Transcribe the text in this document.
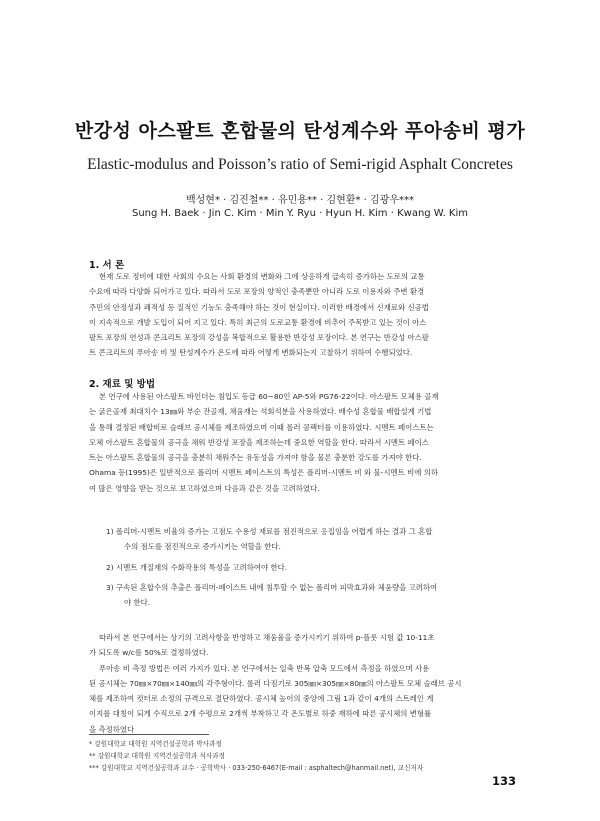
반강성 아스팔트 혼합물의 탄성계수와 푸아송비 평가
Elastic-modulus and Poisson’s ratio of Semi-rigid Asphalt Concretes
백성현* · 김진철** · 유민용** · 김현환* · 김광우***
Sung H. Baek · Jin C. Kim · Min Y. Ryu · Hyun H. Kim · Kwang W. Kim
1. 서 론
현재 도로 정비에 대한 사회의 수요는 사회 환경의 변화와 그에 상응하게 급속히 증가하는 도로의 교통
수요에 따라 다양화 되어가고 있다. 따라서 도로 포장의 양적인 충족뿐만 아니라 도로 이용자와 주변 환경
주민의 안정성과 쾌적성 등 질적인 기능도 충족해야 하는 것이 현실이다. 이러한 배경에서 신재료와 신공법
이 지속적으로 개발 도입이 되어 지고 있다. 특히 최근의 도로교통 환경에 비추어 주목받고 있는 것이 아스
팔트 포장의 연성과 콘크리트 포장의 강성을 복합적으로 활용한 반강성 포장이다. 본 연구는 반강성 아스팔
트 콘크리트의 푸아송 비 및 탄성계수가 온도에 따라 어떻게 변화되는지 고찰하기 위하여 수행되었다.
2. 재료 및 방법
본 연구에 사용된 아스팔트 바인더는 침입도 등급 60~80인 AP-5와 PG76-22이다. 아스팔트 모체용 골재
는 굵은골재 최대치수 13㎜와 부순 잔골재, 채움재는 석회석분을 사용하였다. 배수성 혼합물 배합설계 기법
을 통해 결정된 배합비로 슬래브 공시체를 제조하였으며 이때 롤러 콤팩터를 이용하였다. 시멘트 페이스트는
모체 아스팔트 혼합물의 공극을 채워 반강성 포장을 제조하는데 중요한 역할을 한다. 따라서 시멘트 페이스
트는 아스팔트 혼합물의 공극을 충분히 채워주는 유동성을 가져야 함을 물론 충분한 강도를 가져야 한다.
Ohama 등(1995)은 일반적으로 폴리머 시멘트 페이스트의 특성은 폴리머-시멘트 비 와 물-시멘트 비에 의하
여 많은 영향을 받는 것으로 보고하였으며 다음과 같은 것을 고려하였다.
1) 폴리머-시멘트 비율의 증가는 고점도 수용성 재료를 점진적으로 응집임을 어렵게 하는 결과 그 혼합
수의 점도를 점진적으로 증가시키는 역할을 한다.
2) 시멘트 개질재의 수화작용의 특성을 고려하여야 한다.
3) 구속된 혼합수의 추출은 폴리머-페이스트 내에 침투할 수 없는 폴리머 피막효과와 체움량을 고려하여
야 한다.
따라서 본 연구에서는 상기의 고려사항을 반영하고 채움율을 증가시키기 위하여 p-플롯 시험 값 10-11초
가 되도록 w/c를 50%로 결정하였다.
푸아송 비 측정 방법은 여러 가지가 있다. 본 연구에서는 일축 반복 압축 모드에서 측정을 하였으며 사용
된 공시체는 70㎜×70㎜×140㎜의 각주형이다. 롤러 다짐기로 305㎜×305㎜×80㎜의 아스팔트 모체 슬래브 공시
체를 제조하여 컷터로 소정의 규격으로 절단하였다. 공시체 높이의 중앙에 그림 1과 같이 4개의 스트레인 게
이지를 대칭이 되게 수직으로 2개 수평으로 2개씩 부착하고 각 온도별로 하중 재하에 따른 공시체의 변형률
을 측정하였다
* 강원대학교 대학원 지역건설공학과 박사과정
** 강원대학교 대학원 지역건설공학과 석사과정
*** 강원대학교 지역건설공학과 교수 · 공학박사 · 033-250-6467(E-mail : asphaltech@hanmail.net), 교신저자
133
